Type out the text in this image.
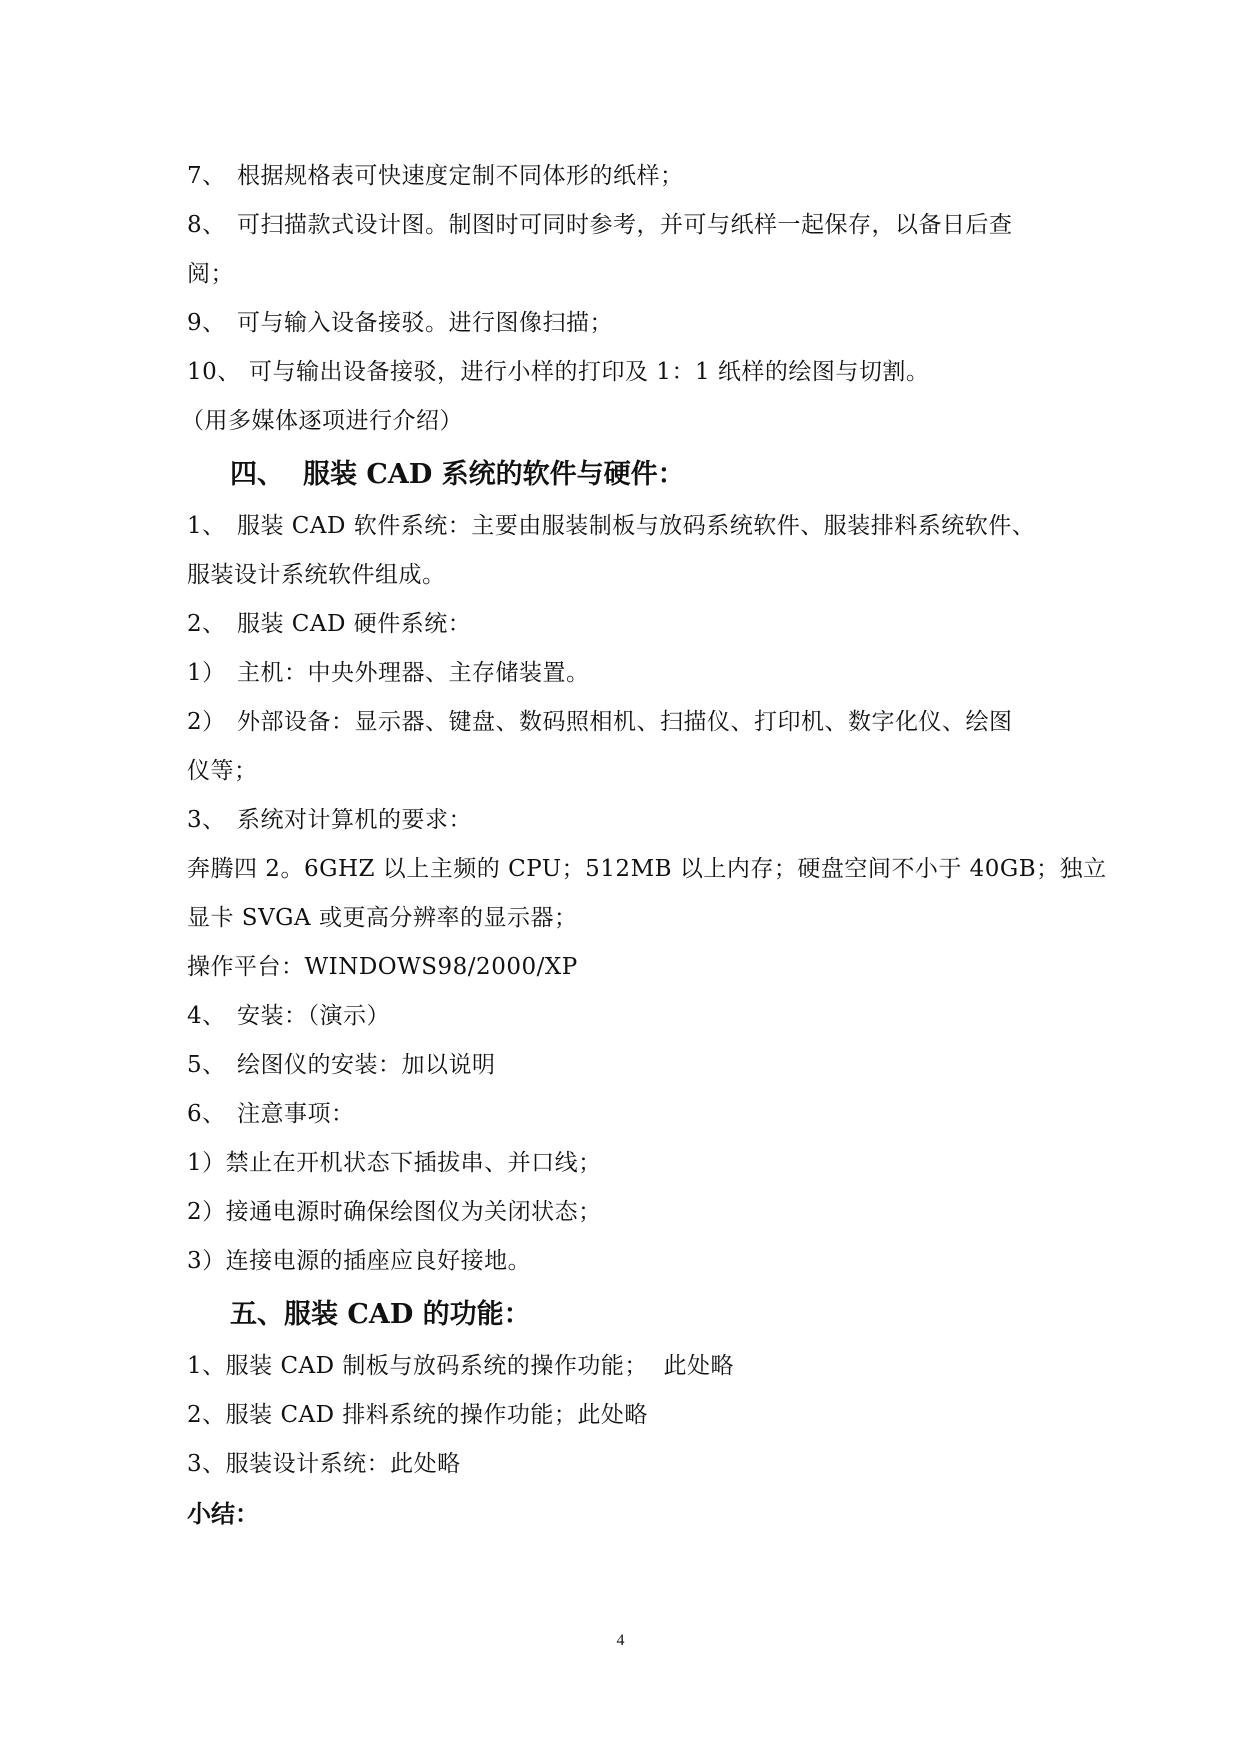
7、 根据规格表可快速度定制不同体形的纸样；
8、 可扫描款式设计图。制图时可同时参考，并可与纸样一起保存，以备日后查
阅；
9、 可与输入设备接驳。进行图像扫描；
10、 可与输出设备接驳，进行小样的打印及 1：1 纸样的绘图与切割。
（用多媒体逐项进行介绍）
四、 服装 CAD 系统的软件与硬件：
1、 服装 CAD 软件系统：主要由服装制板与放码系统软件、服装排料系统软件、
服装设计系统软件组成。
2、 服装 CAD 硬件系统：
1） 主机：中央外理器、主存储装置。
2） 外部设备：显示器、键盘、数码照相机、扫描仪、打印机、数字化仪、绘图
仪等；
3、 系统对计算机的要求：
奔腾四 2。6GHZ 以上主频的 CPU；512MB 以上内存；硬盘空间不小于 40GB；独立
显卡 SVGA 或更高分辨率的显示器；
操作平台：WINDOWS98/2000/XP
4、 安装：（演示）
5、 绘图仪的安装：加以说明
6、 注意事项：
1）禁止在开机状态下插拔串、并口线；
2）接通电源时确保绘图仪为关闭状态；
3）连接电源的插座应良好接地。
五、服装 CAD 的功能：
1、服装 CAD 制板与放码系统的操作功能；  此处略
2、服装 CAD 排料系统的操作功能；此处略
3、服装设计系统：此处略
小结：
4
